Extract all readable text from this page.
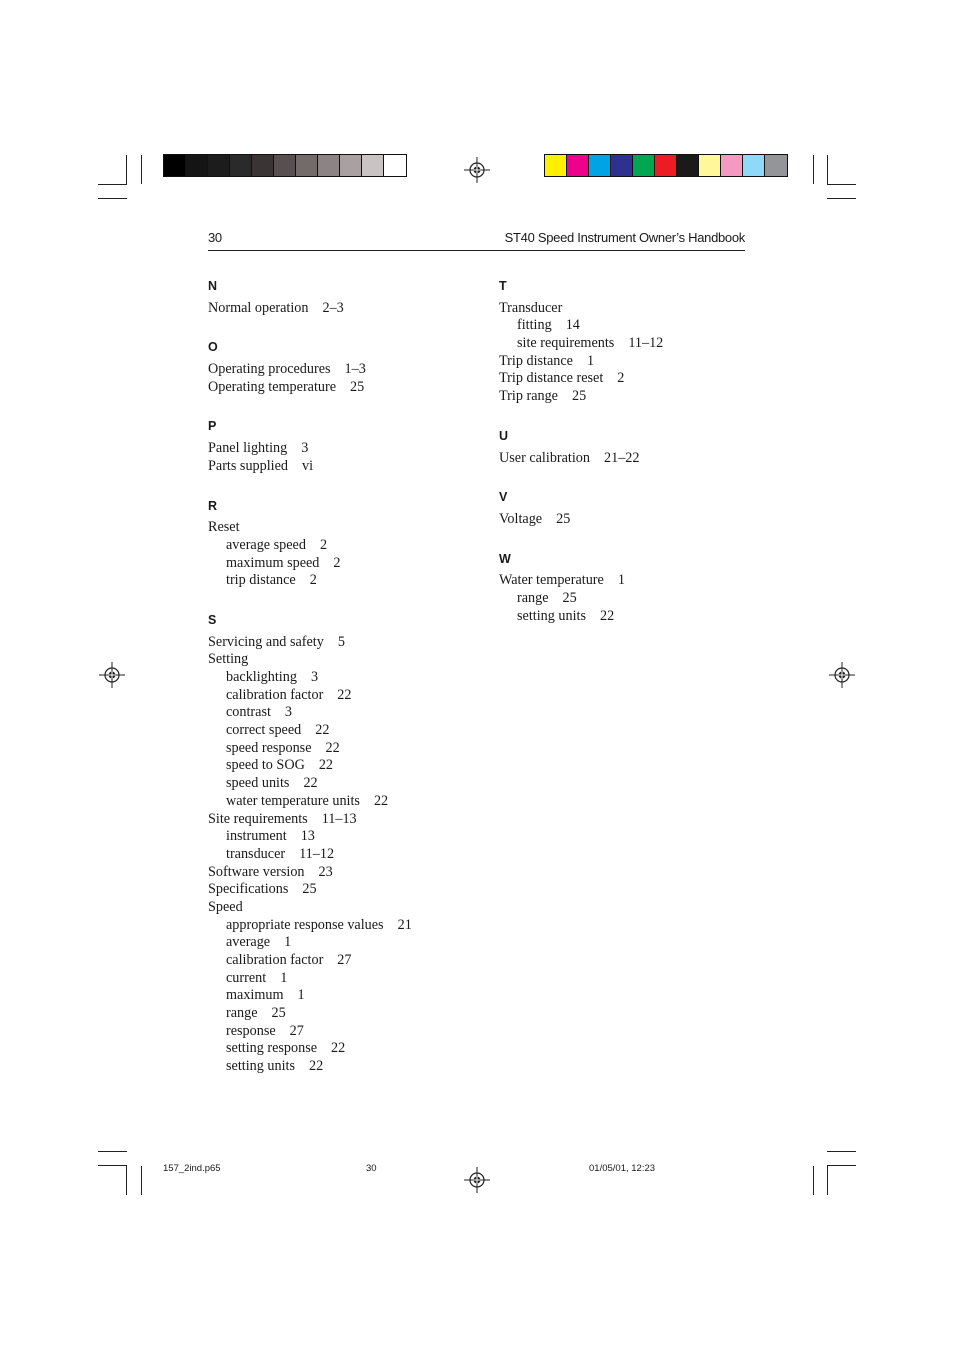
30	ST40 Speed Instrument Owner’s Handbook
N
Normal operation 2–3
O
Operating procedures 1–3
Operating temperature 25
P
Panel lighting 3
Parts supplied vi
R
Reset
average speed 2
maximum speed 2
trip distance 2
S
Servicing and safety 5
Setting
backlighting 3
calibration factor 22
contrast 3
correct speed 22
speed response 22
speed to SOG 22
speed units 22
water temperature units 22
Site requirements 11–13
instrument 13
transducer 11–12
Software version 23
Specifications 25
Speed
appropriate response values 21
average 1
calibration factor 27
current 1
maximum 1
range 25
response 27
setting response 22
setting units 22
T
Transducer
fitting 14
site requirements 11–12
Trip distance 1
Trip distance reset 2
Trip range 25
U
User calibration 21–22
V
Voltage 25
W
Water temperature 1
range 25
setting units 22
157_2ind.p65	30	01/05/01, 12:23
